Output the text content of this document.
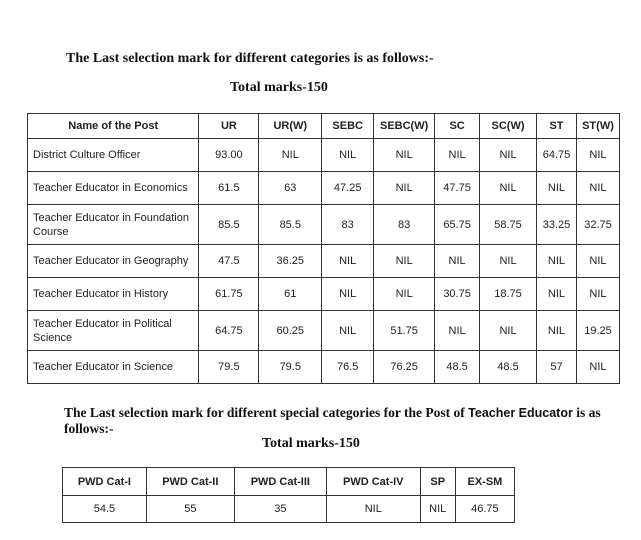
The Last selection mark for different categories is as follows:-
Total marks-150
Name of the Post	UR	UR(W)	SEBC	SEBC(W)	SC	SC(W)	ST	ST(W)
District Culture Officer	93.00	NIL	NIL	NIL	NIL	NIL	64.75	NIL
Teacher Educator in Economics	61.5	63	47.25	NIL	47.75	NIL	NIL	NIL
Teacher Educator in Foundation Course	85.5	85.5	83	83	65.75	58.75	33.25	32.75
Teacher Educator in Geography	47.5	36.25	NIL	NIL	NIL	NIL	NIL	NIL
Teacher Educator in History	61.75	61	NIL	NIL	30.75	18.75	NIL	NIL
Teacher Educator in Political Science	64.75	60.25	NIL	51.75	NIL	NIL	NIL	19.25
Teacher Educator in Science	79.5	79.5	76.5	76.25	48.5	48.5	57	NIL
The Last selection mark for different special categories for the Post of Teacher Educator is as follows:-
Total marks-150
PWD Cat-I	PWD Cat-II	PWD Cat-III	PWD Cat-IV	SP	EX-SM
54.5	55	35	NIL	NIL	46.75
